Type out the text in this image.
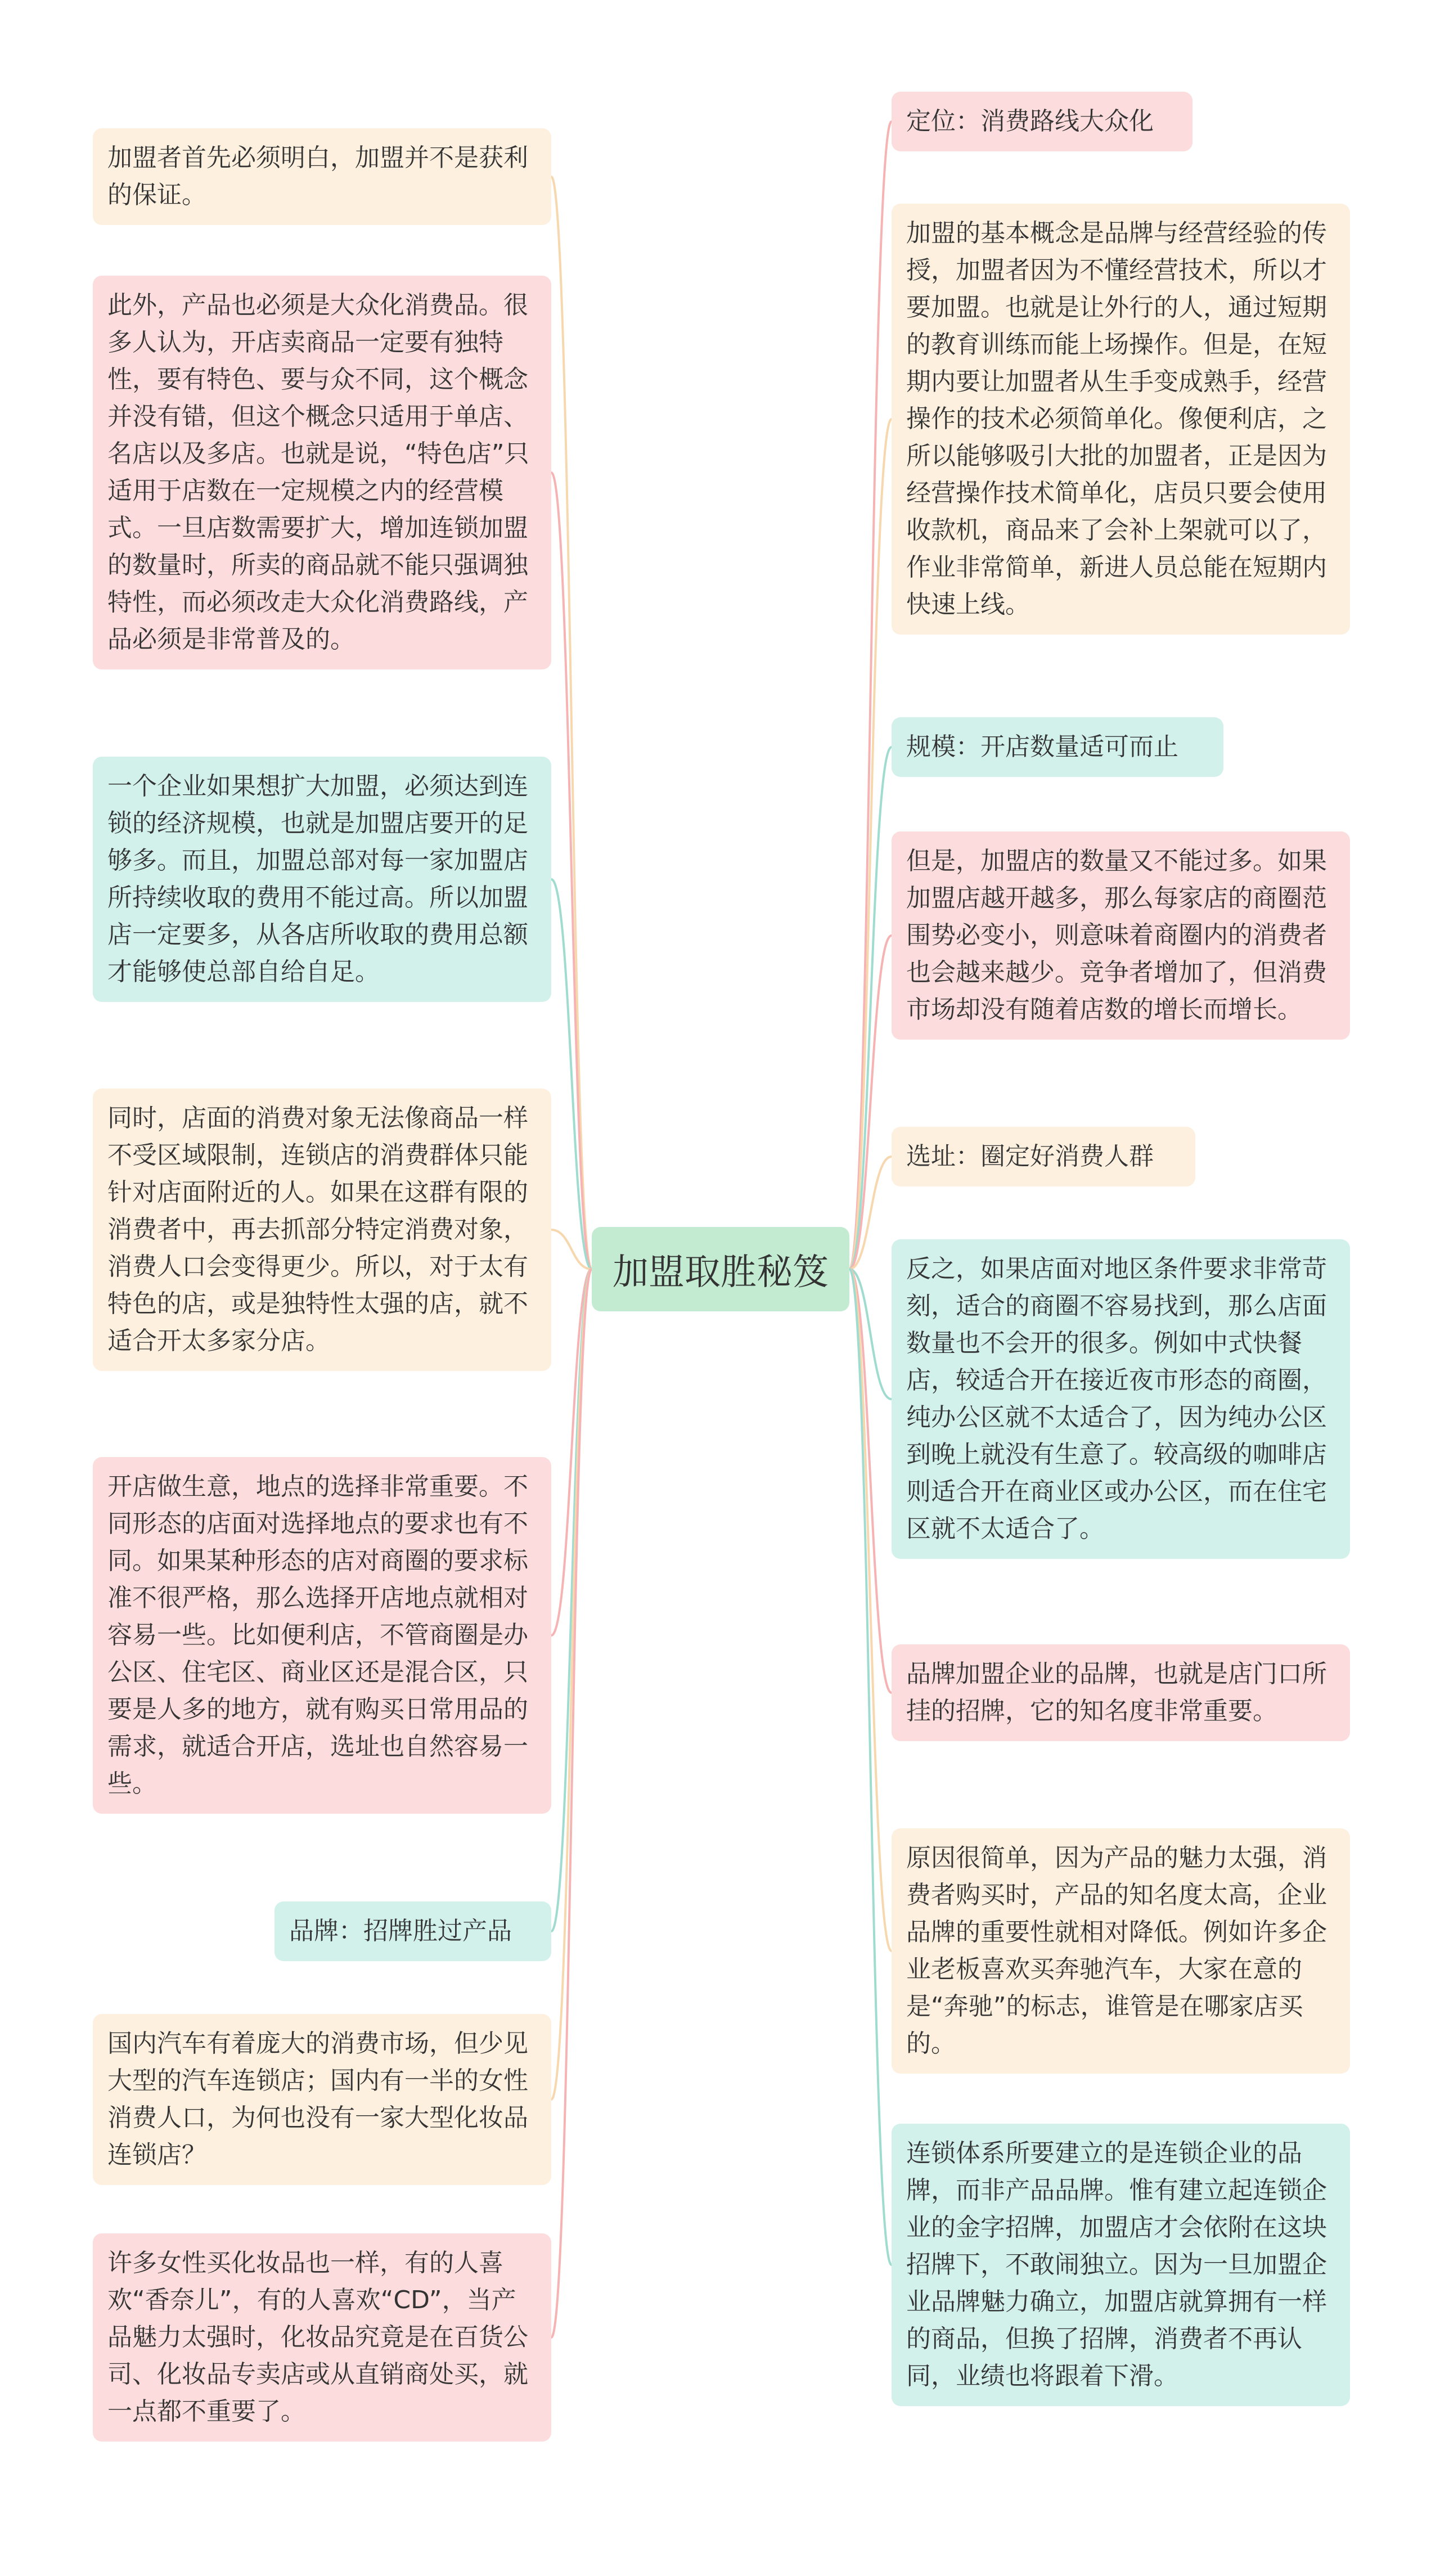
加盟取胜秘笈
加盟者首先必须明白，加盟并不是获利的保证。
此外，产品也必须是大众化消费品。很多人认为，开店卖商品一定要有独特性，要有特色、要与众不同，这个概念并没有错，但这个概念只适用于单店、名店以及多店。也就是说，“特色店”只适用于店数在一定规模之内的经营模式。一旦店数需要扩大，增加连锁加盟的数量时，所卖的商品就不能只强调独特性，而必须改走大众化消费路线，产品必须是非常普及的。
一个企业如果想扩大加盟，必须达到连锁的经济规模，也就是加盟店要开的足够多。而且，加盟总部对每一家加盟店所持续收取的费用不能过高。所以加盟店一定要多，从各店所收取的费用总额才能够使总部自给自足。
同时，店面的消费对象无法像商品一样不受区域限制，连锁店的消费群体只能针对店面附近的人。如果在这群有限的消费者中，再去抓部分特定消费对象，消费人口会变得更少。所以，对于太有特色的店，或是独特性太强的店，就不适合开太多家分店。
开店做生意，地点的选择非常重要。不同形态的店面对选择地点的要求也有不同。如果某种形态的店对商圈的要求标准不很严格，那么选择开店地点就相对容易一些。比如便利店，不管商圈是办公区、住宅区、商业区还是混合区，只要是人多的地方，就有购买日常用品的需求，就适合开店，选址也自然容易一些。
品牌：招牌胜过产品
国内汽车有着庞大的消费市场，但少见大型的汽车连锁店；国内有一半的女性消费人口，为何也没有一家大型化妆品连锁店？
许多女性买化妆品也一样，有的人喜欢“香奈儿”，有的人喜欢“CD”，当产品魅力太强时，化妆品究竟是在百货公司、化妆品专卖店或从直销商处买，就一点都不重要了。
定位：消费路线大众化
加盟的基本概念是品牌与经营经验的传授，加盟者因为不懂经营技术，所以才要加盟。也就是让外行的人，通过短期的教育训练而能上场操作。但是，在短期内要让加盟者从生手变成熟手，经营操作的技术必须简单化。像便利店，之所以能够吸引大批的加盟者，正是因为经营操作技术简单化，店员只要会使用收款机，商品来了会补上架就可以了，作业非常简单，新进人员总能在短期内快速上线。
规模：开店数量适可而止
但是，加盟店的数量又不能过多。如果加盟店越开越多，那么每家店的商圈范围势必变小，则意味着商圈内的消费者也会越来越少。竞争者增加了，但消费市场却没有随着店数的增长而增长。
选址：圈定好消费人群
反之，如果店面对地区条件要求非常苛刻，适合的商圈不容易找到，那么店面数量也不会开的很多。例如中式快餐店，较适合开在接近夜市形态的商圈，纯办公区就不太适合了，因为纯办公区到晚上就没有生意了。较高级的咖啡店则适合开在商业区或办公区，而在住宅区就不太适合了。
品牌加盟企业的品牌，也就是店门口所挂的招牌，它的知名度非常重要。
原因很简单，因为产品的魅力太强，消费者购买时，产品的知名度太高，企业品牌的重要性就相对降低。例如许多企业老板喜欢买奔驰汽车，大家在意的是“奔驰”的标志，谁管是在哪家店买的。
连锁体系所要建立的是连锁企业的品牌，而非产品品牌。惟有建立起连锁企业的金字招牌，加盟店才会依附在这块招牌下，不敢闹独立。因为一旦加盟企业品牌魅力确立，加盟店就算拥有一样的商品，但换了招牌，消费者不再认同，业绩也将跟着下滑。
